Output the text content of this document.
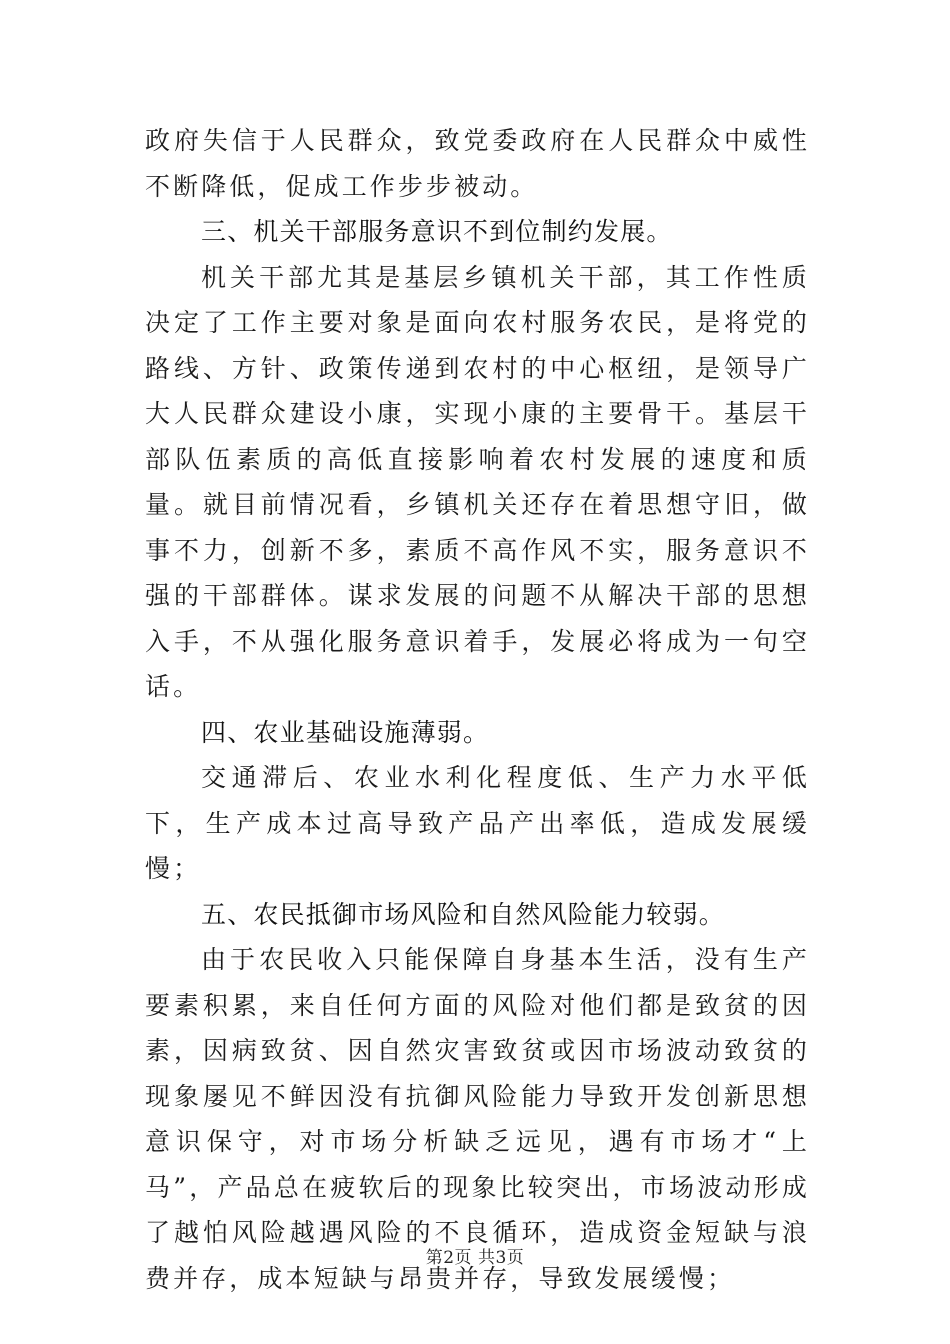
政府失信于人民群众，致党委政府在人民群众中威性不断降低，促成工作步步被动。

三、机关干部服务意识不到位制约发展。

机关干部尤其是基层乡镇机关干部，其工作性质决定了工作主要对象是面向农村服务农民，是将党的路线、方针、政策传递到农村的中心枢纽，是领导广大人民群众建设小康，实现小康的主要骨干。基层干部队伍素质的高低直接影响着农村发展的速度和质量。就目前情况看，乡镇机关还存在着思想守旧，做事不力，创新不多，素质不高作风不实，服务意识不强的干部群体。谋求发展的问题不从解决干部的思想入手，不从强化服务意识着手，发展必将成为一句空话。

四、农业基础设施薄弱。

交通滞后、农业水利化程度低、生产力水平低下，生产成本过高导致产品产出率低，造成发展缓慢；

五、农民抵御市场风险和自然风险能力较弱。

由于农民收入只能保障自身基本生活，没有生产要素积累，来自任何方面的风险对他们都是致贫的因素，因病致贫、因自然灾害致贫或因市场波动致贫的现象屡见不鲜因没有抗御风险能力导致开发创新思想意识保守，对市场分析缺乏远见，遇有市场才“上马”，产品总在疲软后的现象比较突出，市场波动形成了越怕风险越遇风险的不良循环，造成资金短缺与浪费并存，成本短缺与昂贵并存，导致发展缓慢；

第2页 共3页
